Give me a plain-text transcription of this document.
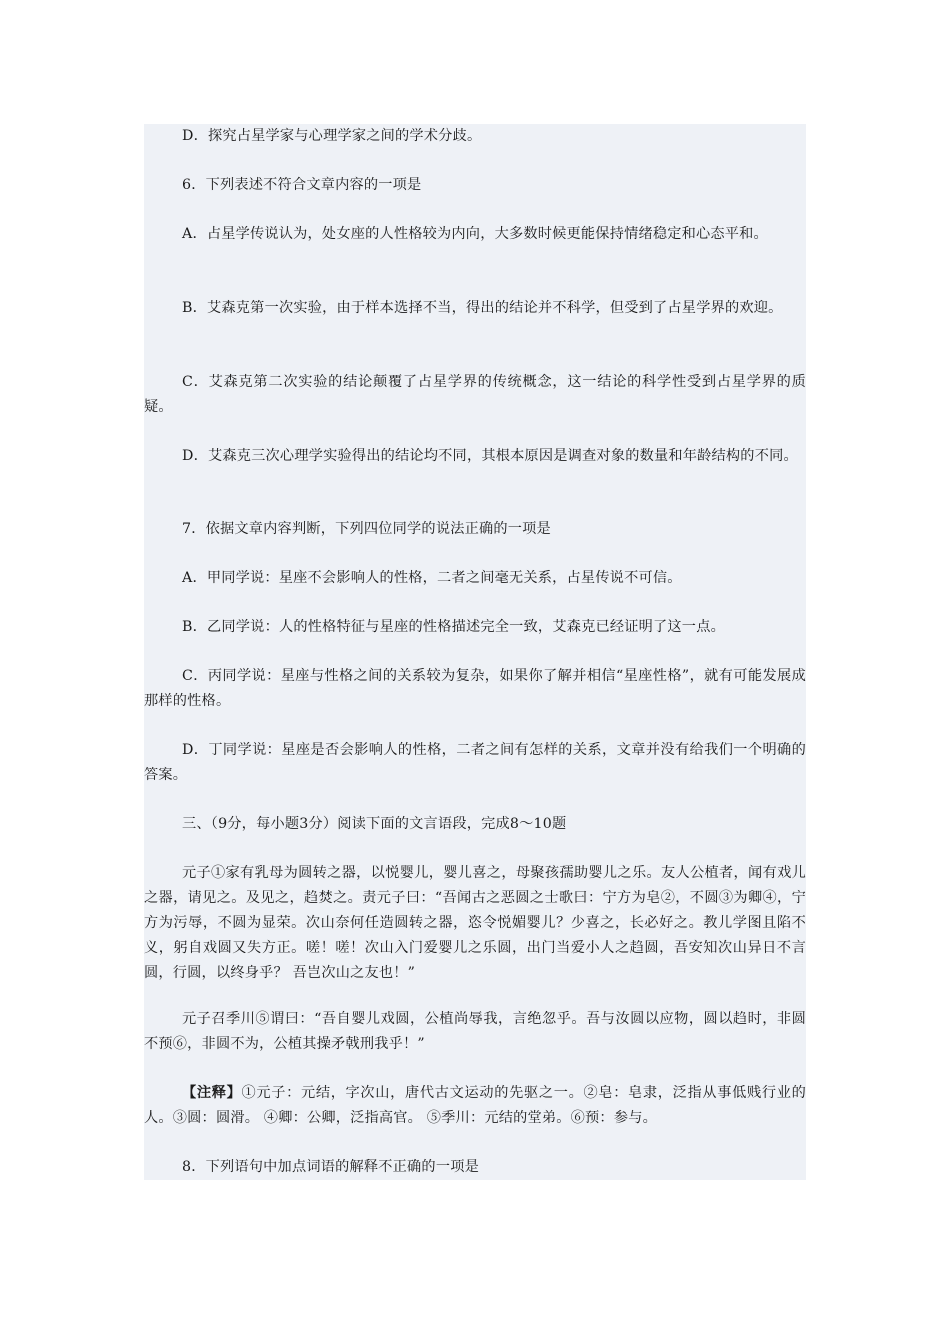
D．探究占星学家与心理学家之间的学术分歧。

6．下列表述不符合文章内容的一项是

A．占星学传说认为，处女座的人性格较为内向，大多数时候更能保持情绪稳定和心态平和。

B．艾森克第一次实验，由于样本选择不当，得出的结论并不科学，但受到了占星学界的欢迎。

C．艾森克第二次实验的结论颠覆了占星学界的传统概念，这一结论的科学性受到占星学界的质疑。

D．艾森克三次心理学实验得出的结论均不同，其根本原因是调查对象的数量和年龄结构的不同。

7．依据文章内容判断，下列四位同学的说法正确的一项是

A．甲同学说：星座不会影响人的性格，二者之间毫无关系，占星传说不可信。

B．乙同学说：人的性格特征与星座的性格描述完全一致，艾森克已经证明了这一点。

C．丙同学说：星座与性格之间的关系较为复杂，如果你了解并相信“星座性格”，就有可能发展成那样的性格。

D．丁同学说：星座是否会影响人的性格，二者之间有怎样的关系，文章并没有给我们一个明确的答案。

三、（9分，每小题3分）阅读下面的文言语段，完成8～10题

元子①家有乳母为圆转之器，以悦婴儿，婴儿喜之，母聚孩孺助婴儿之乐。友人公植者，闻有戏儿之器，请见之。及见之，趋焚之。责元子曰：“吾闻古之恶圆之士歌曰：宁方为皂②，不圆③为卿④，宁方为污辱，不圆为显荣。次山奈何任造圆转之器，恣令悦媚婴儿？少喜之，长必好之。教儿学图且陷不义，躬自戏圆又失方正。嗟！嗟！次山入门爱婴儿之乐圆，出门当爱小人之趋圆，吾安知次山异日不言圆，行圆，以终身乎？ 吾岂次山之友也！”

元子召季川⑤谓曰：“吾自婴儿戏圆，公植尚辱我，言绝忽乎。吾与汝圆以应物，圆以趋时，非圆不预⑥，非圆不为，公植其操矛戟刑我乎！”

【注释】①元子：元结，字次山，唐代古文运动的先驱之一。②皂：皂隶，泛指从事低贱行业的人。③圆：圆滑。 ④卿：公卿，泛指高官。 ⑤季川：元结的堂弟。⑥预：参与。

8．下列语句中加点词语的解释不正确的一项是
